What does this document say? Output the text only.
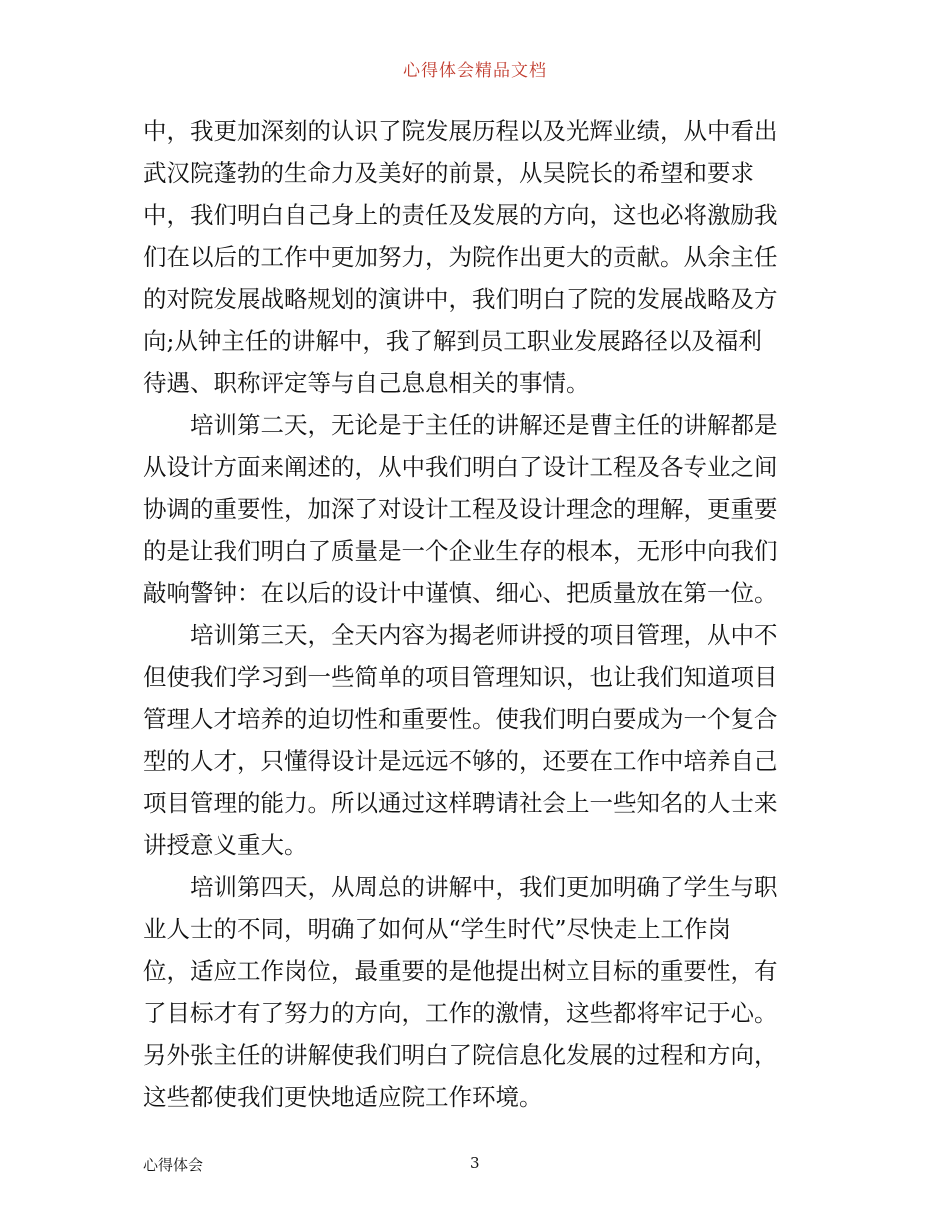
心得体会精品文档
中，我更加深刻的认识了院发展历程以及光辉业绩，从中看出
武汉院蓬勃的生命力及美好的前景，从吴院长的希望和要求
中，我们明白自己身上的责任及发展的方向，这也必将激励我
们在以后的工作中更加努力，为院作出更大的贡献。从余主任
的对院发展战略规划的演讲中，我们明白了院的发展战略及方
向;从钟主任的讲解中，我了解到员工职业发展路径以及福利
待遇、职称评定等与自己息息相关的事情。
　　培训第二天，无论是于主任的讲解还是曹主任的讲解都是
从设计方面来阐述的，从中我们明白了设计工程及各专业之间
协调的重要性，加深了对设计工程及设计理念的理解，更重要
的是让我们明白了质量是一个企业生存的根本，无形中向我们
敲响警钟：在以后的设计中谨慎、细心、把质量放在第一位。
　　培训第三天，全天内容为揭老师讲授的项目管理，从中不
但使我们学习到一些简单的项目管理知识，也让我们知道项目
管理人才培养的迫切性和重要性。使我们明白要成为一个复合
型的人才，只懂得设计是远远不够的，还要在工作中培养自己
项目管理的能力。所以通过这样聘请社会上一些知名的人士来
讲授意义重大。
　　培训第四天，从周总的讲解中，我们更加明确了学生与职
业人士的不同，明确了如何从“学生时代”尽快走上工作岗
位，适应工作岗位，最重要的是他提出树立目标的重要性，有
了目标才有了努力的方向，工作的激情，这些都将牢记于心。
另外张主任的讲解使我们明白了院信息化发展的过程和方向，
这些都使我们更快地适应院工作环境。
心得体会	3
